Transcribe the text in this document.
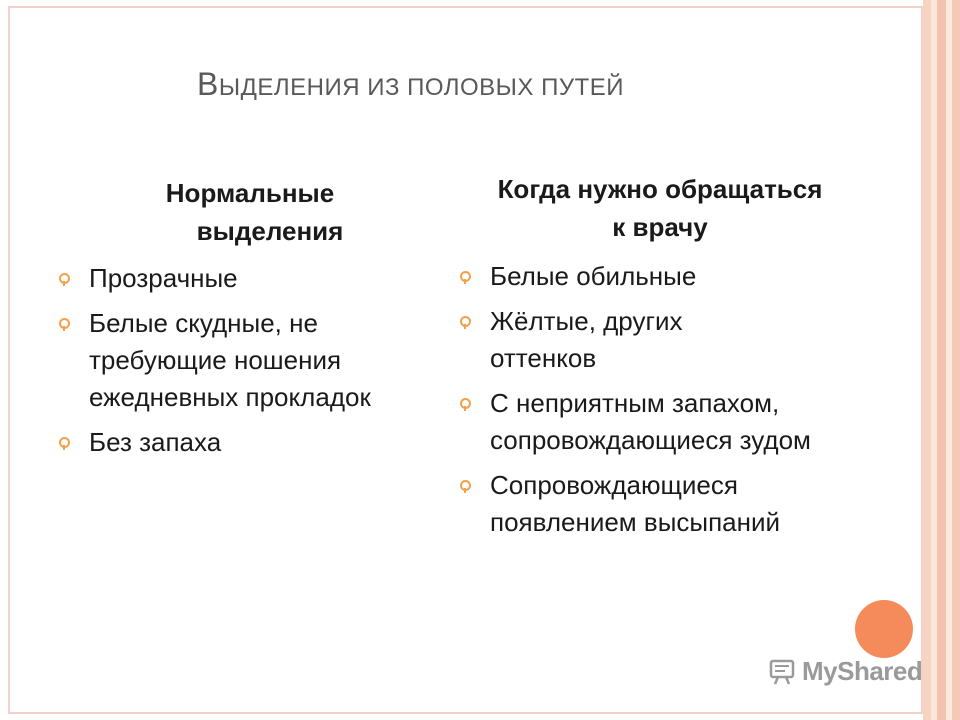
ВЫДЕЛЕНИЯ ИЗ ПОЛОВЫХ ПУТЕЙ
Нормальные
выделения
Прозрачные
Белые скудные, не требующие ношения ежедневных прокладок
Без запаха
Когда нужно обращаться
к врачу
Белые обильные
Жёлтые, других оттенков
С неприятным запахом, сопровождающиеся зудом
Сопровождающиеся появлением высыпаний
MyShared
